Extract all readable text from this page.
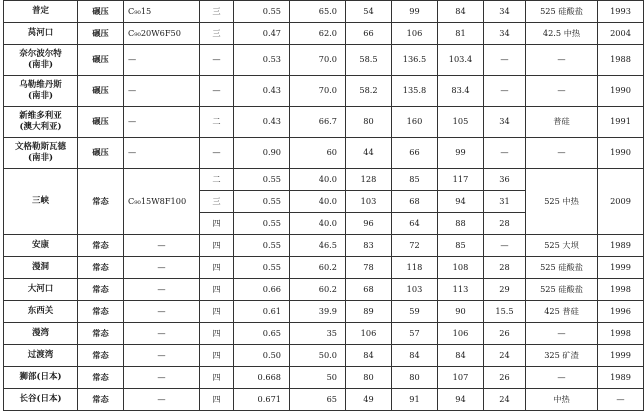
普定	碾压	C₉₀15	三	0.55	65.0	54	99	84	34	525 硅酸盐	1993
莴河口	碾压	C₉₀20W6F50	三	0.47	62.0	66	106	81	34	42.5 中热	2004
奈尔波尔特
(南非)	碾压	—	—	0.53	70.0	58.5	136.5	103.4	—	—	1988
乌勒维丹斯
(南非)	碾压	—	—	0.43	70.0	58.2	135.8	83.4	—	—	1990
新维多利亚
(澳大利亚)	碾压	—	二	0.43	66.7	80	160	105	34	普硅	1991
文格勒斯瓦德
(南非)	碾压	—	—	0.90	60	44	66	99	—	—	1990
三峡	常态	C₉₀15W8F100	二	0.55	40.0	128	85	117	36	525 中热	2009
			三	0.55	40.0	103	68	94	31		
			四	0.55	40.0	96	64	88	28		
安康	常态	—	四	0.55	46.5	83	72	85	—	525 大坝	1989
漫洞	常态	—	四	0.55	60.2	78	118	108	28	525 硅酸盐	1999
大河口	常态	—	四	0.66	60.2	68	103	113	29	525 硅酸盐	1998
东西关	常态	—	四	0.61	39.9	89	59	90	15.5	425 普硅	1996
漫湾	常态	—	四	0.65	35	106	57	106	26	—	1998
过渡湾	常态	—	四	0.50	50.0	84	84	84	24	325 矿渣	1999
狮部(日本)	常态	—	四	0.668	50	80	80	107	26	—	1989
长谷(日本)	常态	—	四	0.671	65	49	91	94	24	中热	—
